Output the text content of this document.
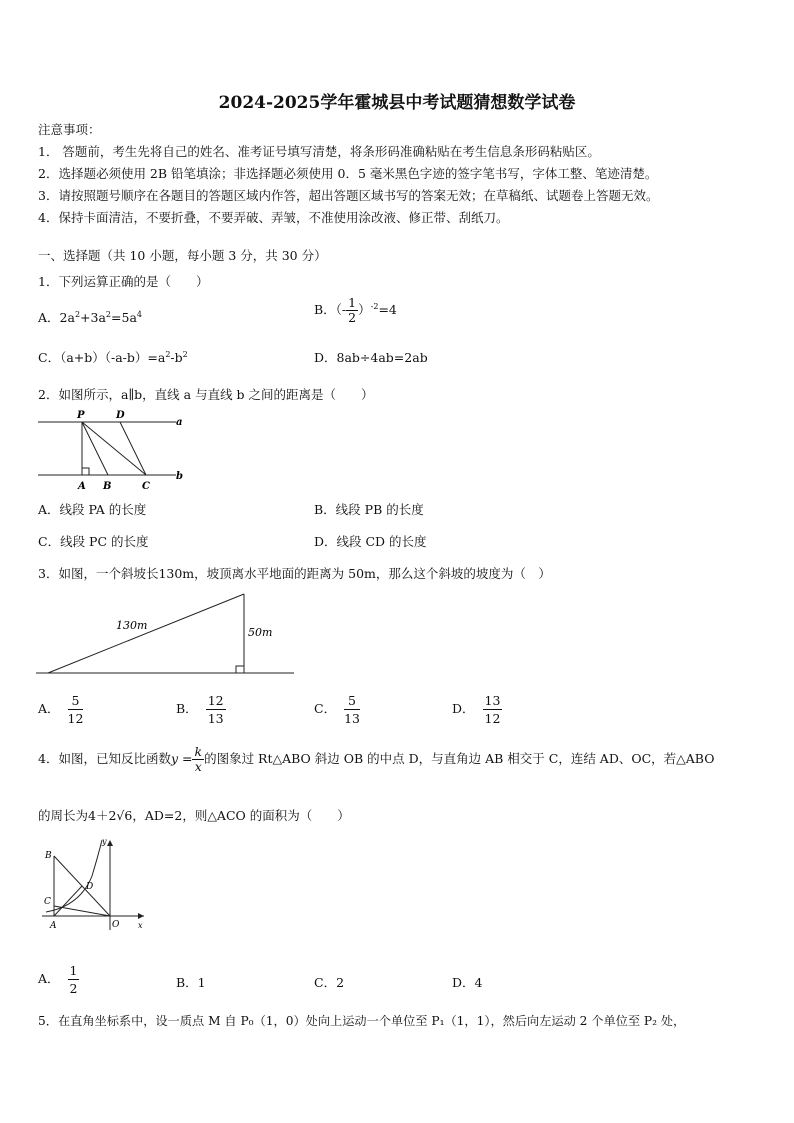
2024-2025学年霍城县中考试题猜想数学试卷
注意事项：
1． 答题前，考生先将自己的姓名、准考证号填写清楚，将条形码准确粘贴在考生信息条形码粘贴区。
2．选择题必须使用 2B 铅笔填涂；非选择题必须使用 0．5 毫米黑色字迹的签字笔书写，字体工整、笔迹清楚。
3．请按照题号顺序在各题目的答题区域内作答，超出答题区域书写的答案无效；在草稿纸、试题卷上答题无效。
4．保持卡面清洁，不要折叠，不要弄破、弄皱，不准使用涂改液、修正带、刮纸刀。
一、选择题（共 10 小题，每小题 3 分，共 30 分）
1．下列运算正确的是（　　）
A．$2a^2+3a^2=5a^4$	B．（- $\frac{1}{2} )^{-2}=4$
C．$(a+b)(-a-b)=a^2-b^2$	D．8ab÷4ab=2ab
2．如图所示，a∥b，直线 a 与直线 b 之间的距离是（　　）
P	D
a
b
A B	C
A．线段 PA 的长度	B．线段 PB 的长度
C．线段 PC 的长度	D．线段 CD 的长度
3．如图，一个斜坡长130m，坡顶离水平地面的距离为 50m，那么这个斜坡的坡度为（　）
130m
50m
A． $\frac{5}{12}$	B． $\frac{12}{13}$	C． $\frac{5}{13}$	D． $\frac{13}{12}$
4．如图，已知反比函数$y = \frac{k}{x}$ 的图象过 Rt△ABO 斜边 OB 的中点 D，与直角边 AB 相交于 C，连结 AD、OC，若△ABO
的周长为4＋2√6，AD=2，则△ACO 的面积为（　　）
B
C
D
A	O x
y
A． $\frac{1}{2}$	B．1	C．2	D．4
5．在直角坐标系中，设一质点 M 自 P₀（1，0）处向上运动一个单位至 P₁（1，1），然后向左运动 2 个单位至 P₂ 处，
